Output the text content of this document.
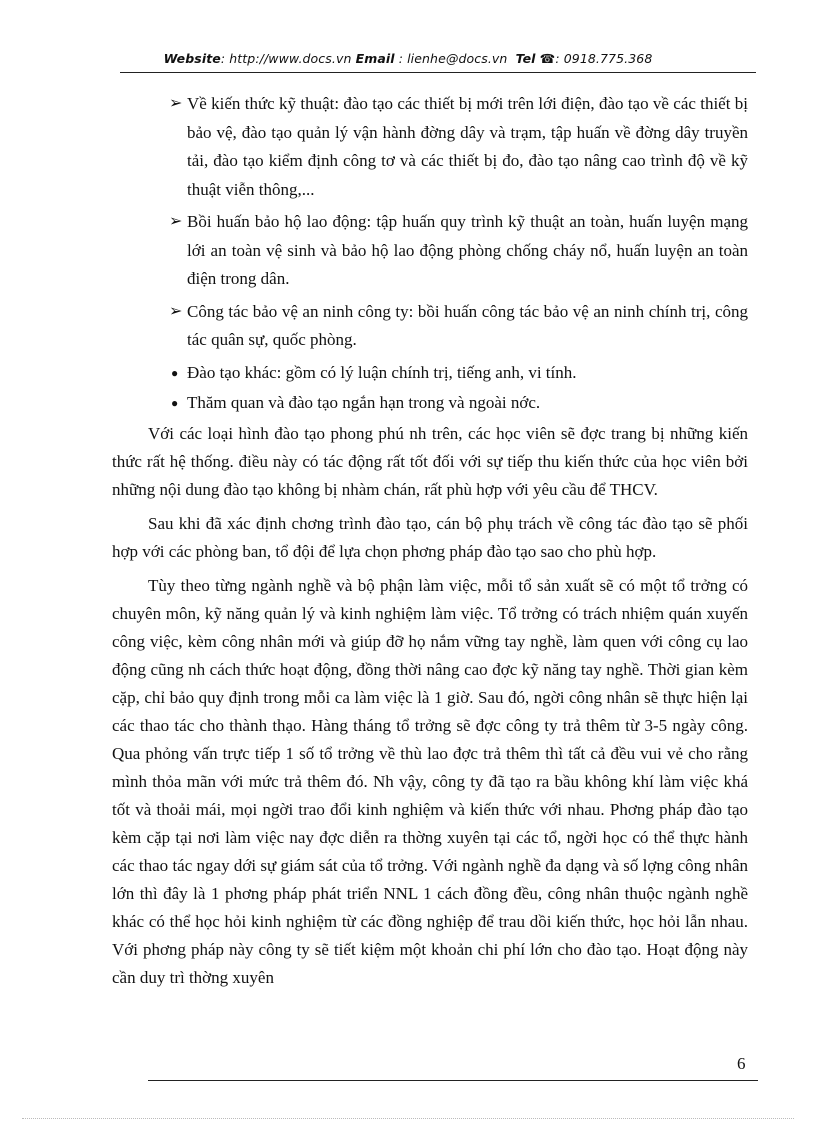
Website: http://www.docs.vn Email : lienhe@docs.vn Tel ☎: 0918.775.368
➢ Về kiến thức kỹ thuật: đào tạo các thiết bị mới trên lới điện, đào tạo về các thiết bị bảo vệ, đào tạo quản lý vận hành đờng dây và trạm, tập huấn về đờng dây truyền tải, đào tạo kiểm định công tơ và các thiết bị đo, đào tạo nâng cao trình độ về kỹ thuật viễn thông,...
➢ Bồi huấn bảo hộ lao động: tập huấn quy trình kỹ thuật an toàn, huấn luyện mạng lới an toàn vệ sinh và bảo hộ lao động phòng chống cháy nổ, huấn luyện an toàn điện trong dân.
➢ Công tác bảo vệ an ninh công ty: bồi huấn công tác bảo vệ an ninh chính trị, công tác quân sự, quốc phòng.
● Đào tạo khác: gồm có lý luận chính trị, tiếng anh, vi tính.
● Thăm quan và đào tạo ngắn hạn trong và ngoài nớc.

Với các loại hình đào tạo phong phú nh trên, các học viên sẽ đợc trang bị những kiến thức rất hệ thống. điều này có tác động rất tốt đối với sự tiếp thu kiến thức của học viên bởi những nội dung đào tạo không bị nhàm chán, rất phù hợp với yêu cầu để THCV.

Sau khi đã xác định chơng trình đào tạo, cán bộ phụ trách về công tác đào tạo sẽ phối hợp với các phòng ban, tổ đội để lựa chọn phơng pháp đào tạo sao cho phù hợp.

Tùy theo từng ngành nghề và bộ phận làm việc, mỗi tổ sản xuất sẽ có một tổ trởng có chuyên môn, kỹ năng quản lý và kinh nghiệm làm việc. Tổ trởng có trách nhiệm quán xuyến công việc, kèm công nhân mới và giúp đỡ họ nắm vững tay nghề, làm quen với công cụ lao động cũng nh cách thức hoạt động, đồng thời nâng cao đợc kỹ năng tay nghề. Thời gian kèm cặp, chỉ bảo quy định trong mỗi ca làm việc là 1 giờ. Sau đó, ngời công nhân sẽ thực hiện lại các thao tác cho thành thạo. Hàng tháng tổ trởng sẽ đợc công ty trả thêm từ 3-5 ngày công. Qua phỏng vấn trực tiếp 1 số tổ trởng về thù lao đợc trả thêm thì tất cả đều vui vẻ cho rằng mình thỏa mãn với mức trả thêm đó. Nh vậy, công ty đã tạo ra bầu không khí làm việc khá tốt và thoải mái, mọi ngời trao đổi kinh nghiệm và kiến thức với nhau. Phơng pháp đào tạo kèm cặp tại nơi làm việc nay đợc diễn ra thờng xuyên tại các tổ, ngời học có thể thực hành các thao tác ngay dới sự giám sát của tổ trởng. Với ngành nghề đa dạng và số lợng công nhân lớn thì đây là 1 phơng pháp phát triển NNL 1 cách đồng đều, công nhân thuộc ngành nghề khác có thể học hỏi kinh nghiệm từ các đồng nghiệp để trau dồi kiến thức, học hỏi lẫn nhau. Với phơng pháp này công ty sẽ tiết kiệm một khoản chi phí lớn cho đào tạo. Hoạt động này cần duy trì thờng xuyên

6
